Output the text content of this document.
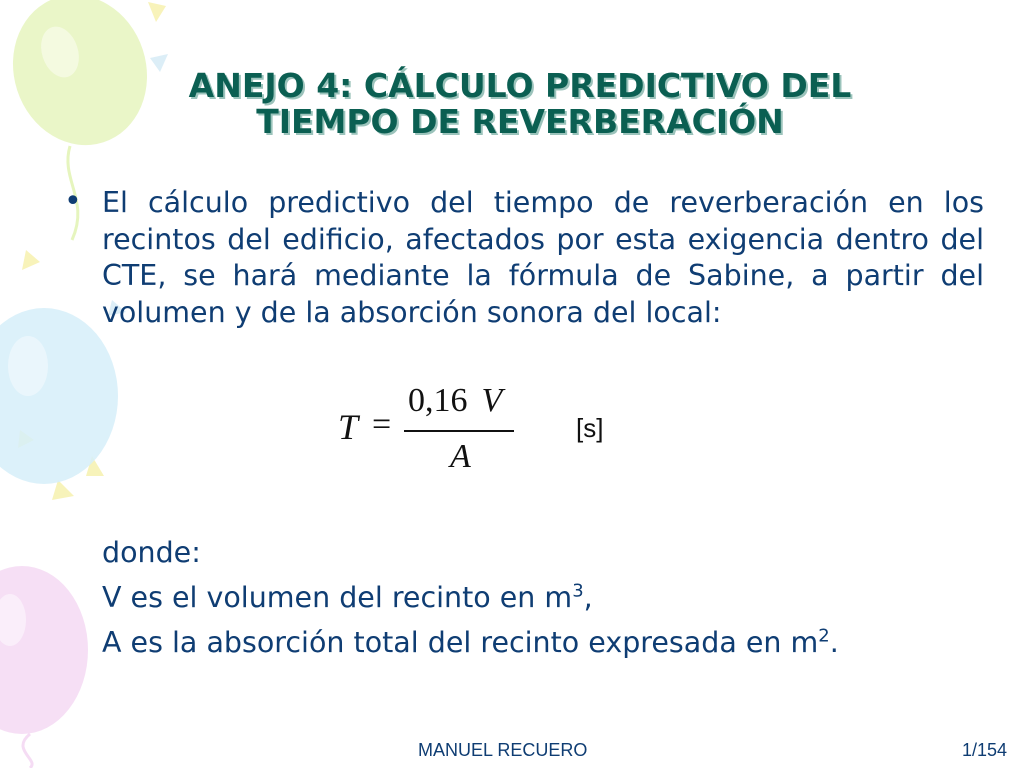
ANEJO 4: CÁLCULO PREDICTIVO DEL
TIEMPO DE REVERBERACIÓN
• El cálculo predictivo del tiempo de reverberación en los recintos del edificio, afectados por esta exigencia dentro del CTE, se hará mediante la fórmula de Sabine, a partir del volumen y de la absorción sonora del local:
T =
0,16 V
A
[s]
donde:
V es el volumen del recinto en $m^3$,
A es la absorción total del recinto expresada en $m^2$.
MANUEL RECUERO	1/154
